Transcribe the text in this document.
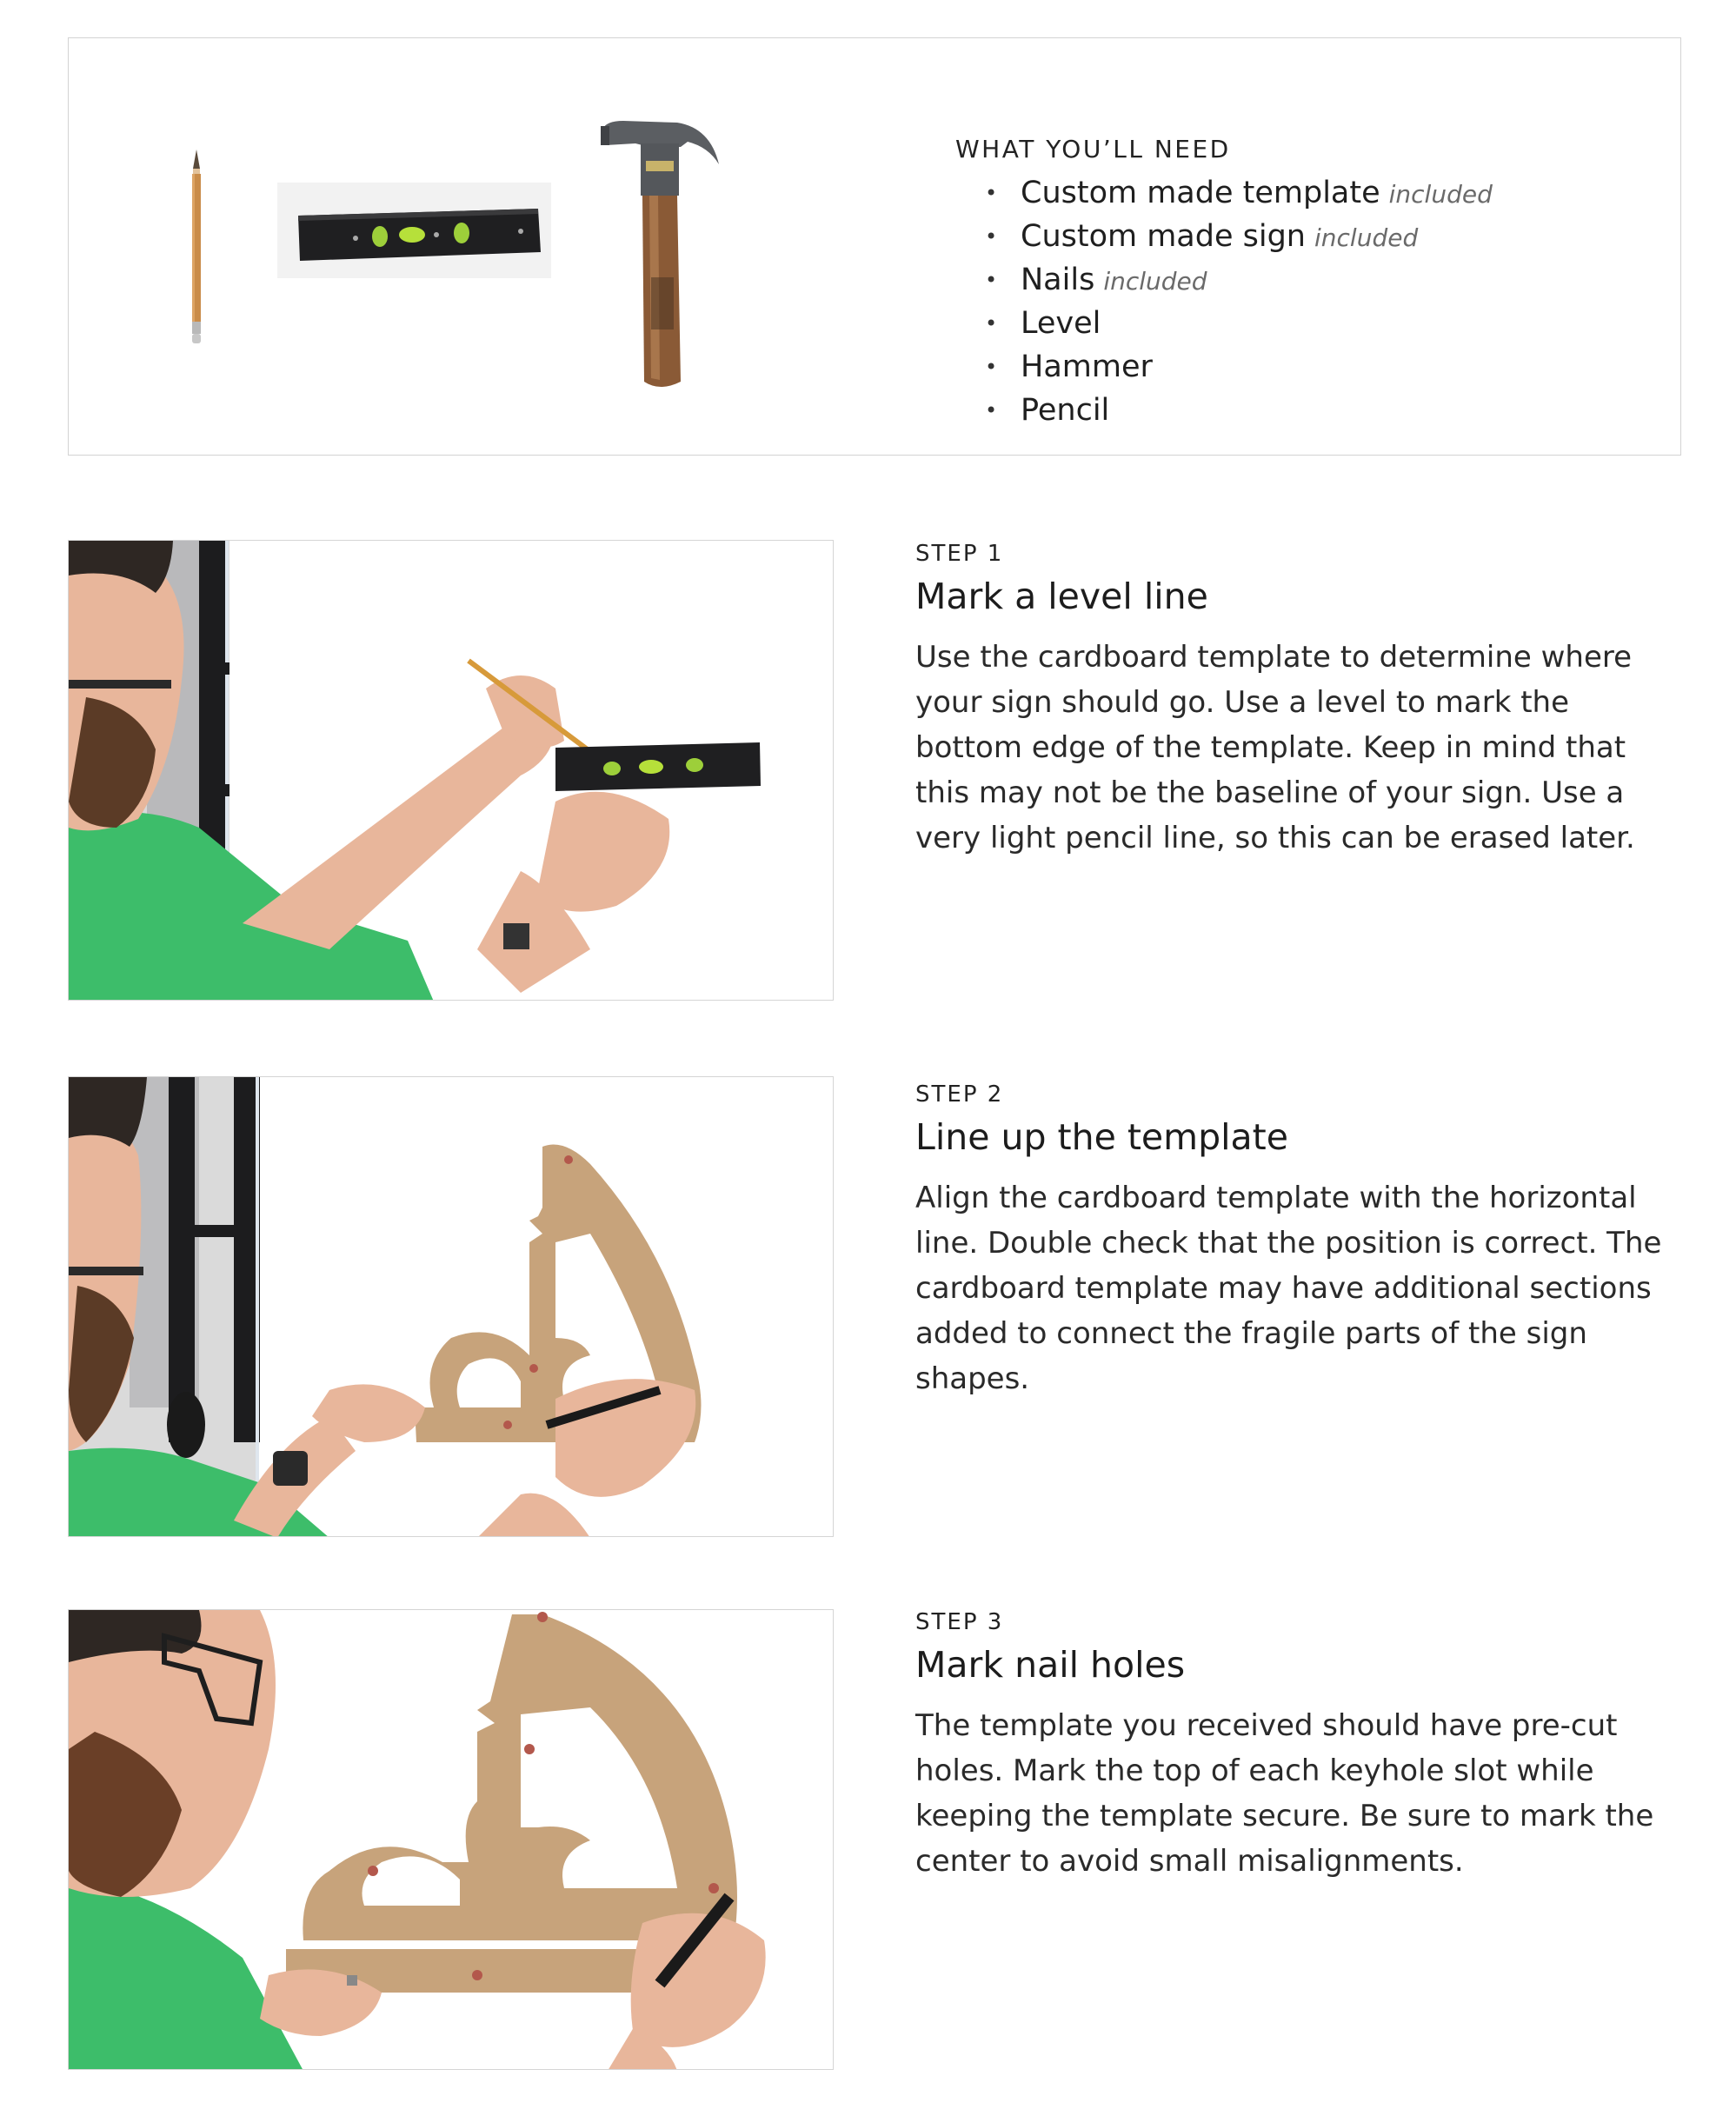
WHAT YOU’LL NEED
• Custom made template included
• Custom made sign included
• Nails included
• Level
• Hammer
• Pencil
STEP 1
Mark a level line

Use the cardboard template to determine where your sign should go. Use a level to mark the bottom edge of the template. Keep in mind that this may not be the baseline of your sign. Use a very light pencil line, so this can be erased later.

STEP 2
Line up the template

Align the cardboard template with the horizontal line. Double check that the position is correct. The cardboard template may have additional sections added to connect the fragile parts of the sign shapes.

STEP 3
Mark nail holes

The template you received should have pre-cut holes. Mark the top of each keyhole slot while keeping the template secure. Be sure to mark the center to avoid small misalignments.
